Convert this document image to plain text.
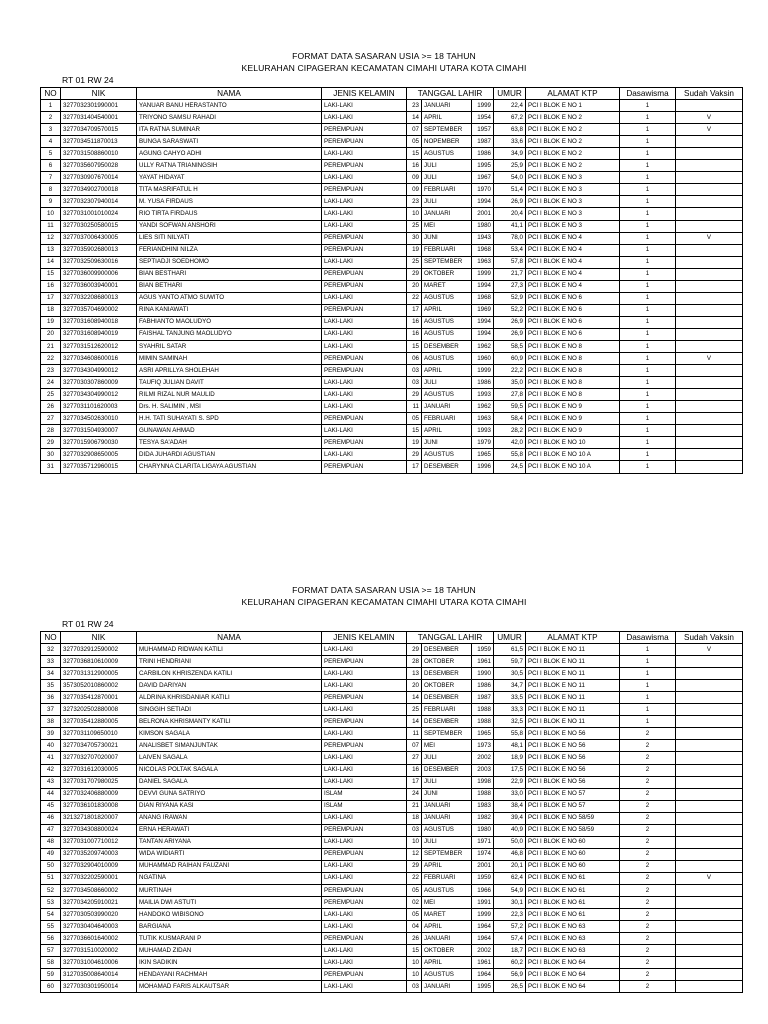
FORMAT DATA SASARAN USIA >= 18 TAHUN
KELURAHAN CIPAGERAN KECAMATAN CIMAHI UTARA KOTA CIMAHI
RT 01 RW 24
NO	NIK	NAMA	JENIS KELAMIN	TANGGAL LAHIR			UMUR	ALAMAT KTP	Dasawisma	Sudah Vaksin
1	3277032301990001	YANUAR BANU HERASTANTO	LAKI-LAKI	23	JANUARI	1999	22,4	PCI I BLOK E NO 1	1	
2	3277031404540001	TRIYONO SAMSU RAHADI	LAKI-LAKI	14	APRIL	1954	67,2	PCI I BLOK E NO 2	1	V
3	3277034709570015	ITA RATNA SUMINAR	PEREMPUAN	07	SEPTEMBER	1957	63,8	PCI I BLOK E NO 2	1	V
4	3277034511870013	BUNGA SARASWATI	PEREMPUAN	05	NOPEMBER	1987	33,6	PCI I BLOK E NO 2	1	
5	3277031508860010	AGUNG CAHYO ADHI	LAKI-LAKI	15	AGUSTUS	1986	34,9	PCI I BLOK E NO 2	1	
6	3277035607950028	ULLY RATNA TRIANINGSIH	PEREMPUAN	16	JULI	1995	25,9	PCI I BLOK E NO 2	1	
7	3277030907670014	YAYAT HIDAYAT	LAKI-LAKI	09	JULI	1967	54,0	PCI I BLOK E NO 3	1	
8	3277034902700018	TITA MASRIFATUL H	PEREMPUAN	09	FEBRUARI	1970	51,4	PCI I BLOK E NO 3	1	
9	3277032307940014	M. YUSA FIRDAUS	LAKI-LAKI	23	JULI	1994	26,9	PCI I BLOK E NO 3	1	
10	3277031001010024	RIO TIRTA FIRDAUS	LAKI-LAKI	10	JANUARI	2001	20,4	PCI I BLOK E NO 3	1	
11	3277030250580015	YANDI SOFWAN ANSHORI	LAKI-LAKI	25	MEI	1980	41,1	PCI I BLOK E NO 3	1	
12	3277037006430005	LIES SITI NILYATI	PEREMPUAN	30	JUNI	1943	78,0	PCI I BLOK E NO 4	1	V
13	3277035902680013	FERIANDHINI NILZA	PEREMPUAN	19	FEBRUARI	1968	53,4	PCI I BLOK E NO 4	1	
14	3277032509630016	SEPTIADJI SOEDHOMO	LAKI-LAKI	25	SEPTEMBER	1963	57,8	PCI I BLOK E NO 4	1	
15	3277036009900006	BIAN BESTHARI	PEREMPUAN	29	OKTOBER	1999	21,7	PCI I BLOK E NO 4	1	
16	3277036003940001	BIAN BETHARI	PEREMPUAN	20	MARET	1994	27,3	PCI I BLOK E NO 4	1	
17	3277032208680013	AGUS YANTO ATMO SUWITO	LAKI-LAKI	22	AGUSTUS	1968	52,9	PCI I BLOK E NO 6	1	
18	3277035704690002	RINA KANIAWATI	PEREMPUAN	17	APRIL	1969	52,2	PCI I BLOK E NO 6	1	
19	3277031608940018	FABHIANTO MAOLUDYO	LAKI-LAKI	16	AGUSTUS	1994	26,9	PCI I BLOK E NO 6	1	
20	3277031608940019	FAISHAL TANJUNG MAOLUDYO	LAKI-LAKI	16	AGUSTUS	1994	26,9	PCI I BLOK E NO 6	1	
21	3277031512620012	SYAHRIL SATAR	LAKI-LAKI	15	DESEMBER	1962	58,5	PCI I BLOK E NO 8	1	
22	3277034608600016	MIMIN SAMINAH	PEREMPUAN	06	AGUSTUS	1960	60,9	PCI I BLOK E NO 8	1	V
23	3277034304990012	ASRI APRILLYA SHOLEHAH	PEREMPUAN	03	APRIL	1999	22,2	PCI I BLOK E NO 8	1	
24	3277030307860009	TAUFIQ JULIAN DAVIT	LAKI-LAKI	03	JULI	1986	35,0	PCI I BLOK E NO 8	1	
25	3277034304990012	RILMI RIZAL NUR MAULID	LAKI-LAKI	29	AGUSTUS	1993	27,8	PCI I BLOK E NO 8	1	
26	3277031101620003	Drs. H. SALIMIN , MSI	LAKI-LAKI	11	JANUARI	1962	59,5	PCI I BLOK E NO 9	1	
27	3277034502630010	H.H. TATI SUHAYATI S. SPD	PEREMPUAN	05	FEBRUARI	1963	58,4	PCI I BLOK E NO 9	1	
28	3277031504930007	GUNAWAN AHMAD	LAKI-LAKI	15	APRIL	1993	28,2	PCI I BLOK E NO 9	1	
29	3277015906790030	TESYA SA'ADAH	PEREMPUAN	19	JUNI	1979	42,0	PCI I BLOK E NO 10	1	
30	3277032908650005	DIDA JUHARDI AGUSTIAN	LAKI-LAKI	29	AGUSTUS	1965	55,8	PCI I BLOK E NO 10 A	1	
31	3277035712960015	CHARYNNA CLARITA LIGAYA AGUSTIAN	PEREMPUAN	17	DESEMBER	1996	24,5	PCI I BLOK E NO 10 A	1	
FORMAT DATA SASARAN USIA >= 18 TAHUN
KELURAHAN CIPAGERAN KECAMATAN CIMAHI UTARA KOTA CIMAHI
RT 01 RW 24
NO	NIK	NAMA	JENIS KELAMIN	TANGGAL LAHIR			UMUR	ALAMAT KTP	Dasawisma	Sudah Vaksin
32	3277032912590002	MUHAMMAD RIDWAN KATILI	LAKI-LAKI	29	DESEMBER	1959	61,5	PCI I BLOK E NO 11	1	V
33	3277036810610009	TRINI HENDRIANI	PEREMPUAN	28	OKTOBER	1961	59,7	PCI I BLOK E NO 11	1	
34	3277031312900005	CARBILON KHRISZENDA KATILI	LAKI-LAKI	13	DESEMBER	1990	30,5	PCI I BLOK E NO 11	1	
35	3573052010860002	DAVID DARIYAN	LAKI-LAKI	20	OKTOBER	1986	34,7	PCI I BLOK E NO 11	1	
36	3277035412870001	ALDRINA KHRISDANIAR KATILI	PEREMPUAN	14	DESEMBER	1987	33,5	PCI I BLOK E NO 11	1	
37	3273202502880008	SINGGIH SETIADI	LAKI-LAKI	25	FEBRUARI	1988	33,3	PCI I BLOK E NO 11	1	
38	3277035412880005	BELRONA KHRISMANTY KATILI	PEREMPUAN	14	DESEMBER	1988	32,5	PCI I BLOK E NO 11	1	
39	3277031109650010	KIMSON SAGALA	LAKI-LAKI	11	SEPTEMBER	1965	55,8	PCI I BLOK E NO 56	2	
40	3277034705730021	ANALISBET SIMANJUNTAK	PEREMPUAN	07	MEI	1973	48,1	PCI I BLOK E NO 56	2	
41	3277032707020007	LAIVEN SAGALA	LAKI-LAKI	27	JULI	2002	18,9	PCI I BLOK E NO 56	2	
42	3277031612030005	NICOLAS POLTAK SAGALA	LAKI-LAKI	16	DESEMBER	2003	17,5	PCI I BLOK E NO 56	2	
43	3277031707980025	DANIEL SAGALA	LAKI-LAKI	17	JULI	1998	22,9	PCI I BLOK E NO 56	2	
44	3277032406880009	DEVVI GUNA SATRIYO	ISLAM	24	JUNI	1988	33,0	PCI I BLOK E NO 57	2	
45	3277036101830008	DIAN RIYANA KASI	ISLAM	21	JANUARI	1983	38,4	PCI I BLOK E NO 57	2	
46	3213271801820007	ANANG IRAWAN	LAKI-LAKI	18	JANUARI	1982	39,4	PCI I BLOK E NO 58/59	2	
47	3277034308800024	ERNA HERAWATI	PEREMPUAN	03	AGUSTUS	1980	40,9	PCI I BLOK E NO 58/59	2	
48	3277031007710012	TANTAN ARIYANA	LAKI-LAKI	10	JULI	1971	50,0	PCI I BLOK E NO 60	2	
49	3277035209740003	WIDA WIDIARTI	PEREMPUAN	12	SEPTEMBER	1974	46,8	PCI I BLOK E NO 60	2	
50	3277032904010009	MUHAMMAD RAIHAN FAUZANI	LAKI-LAKI	29	APRIL	2001	20,1	PCI I BLOK E NO 60	2	
51	3277032202590001	NGATINA	LAKI-LAKI	22	FEBRUARI	1959	62,4	PCI I BLOK E NO 61	2	V
52	3277034508660002	MURTINAH	PEREMPUAN	05	AGUSTUS	1966	54,9	PCI I BLOK E NO 61	2	
53	3277034205910021	MAILIA DWI ASTUTI	PEREMPUAN	02	MEI	1991	30,1	PCI I BLOK E NO 61	2	
54	3277030503990020	HANDOKO WIBISONO	LAKI-LAKI	05	MARET	1999	22,3	PCI I BLOK E NO 61	2	
55	3277030404640003	BARGIANA	LAKI-LAKI	04	APRIL	1964	57,2	PCI I BLOK E NO 63	2	
56	3277036601640002	TUTIK KUSMARANI P	PEREMPUAN	26	JANUARI	1964	57,4	PCI I BLOK E NO 63	2	
57	3277031510020002	MUHAMAD ZIDAN	LAKI-LAKI	15	OKTOBER	2002	18,7	PCI I BLOK E NO 63	2	
58	3277031004610006	IKIN SADIKIN	LAKI-LAKI	10	APRIL	1961	60,2	PCI I BLOK E NO 64	2	
59	3127035008640014	HENDAYANI RACHMAH	PEREMPUAN	10	AGUSTUS	1964	56,9	PCI I BLOK E NO 64	2	
60	3277030301950014	MOHAMAD FARIS ALKAUTSAR	LAKI-LAKI	03	JANUARI	1995	26,5	PCI I BLOK E NO 64	2	
